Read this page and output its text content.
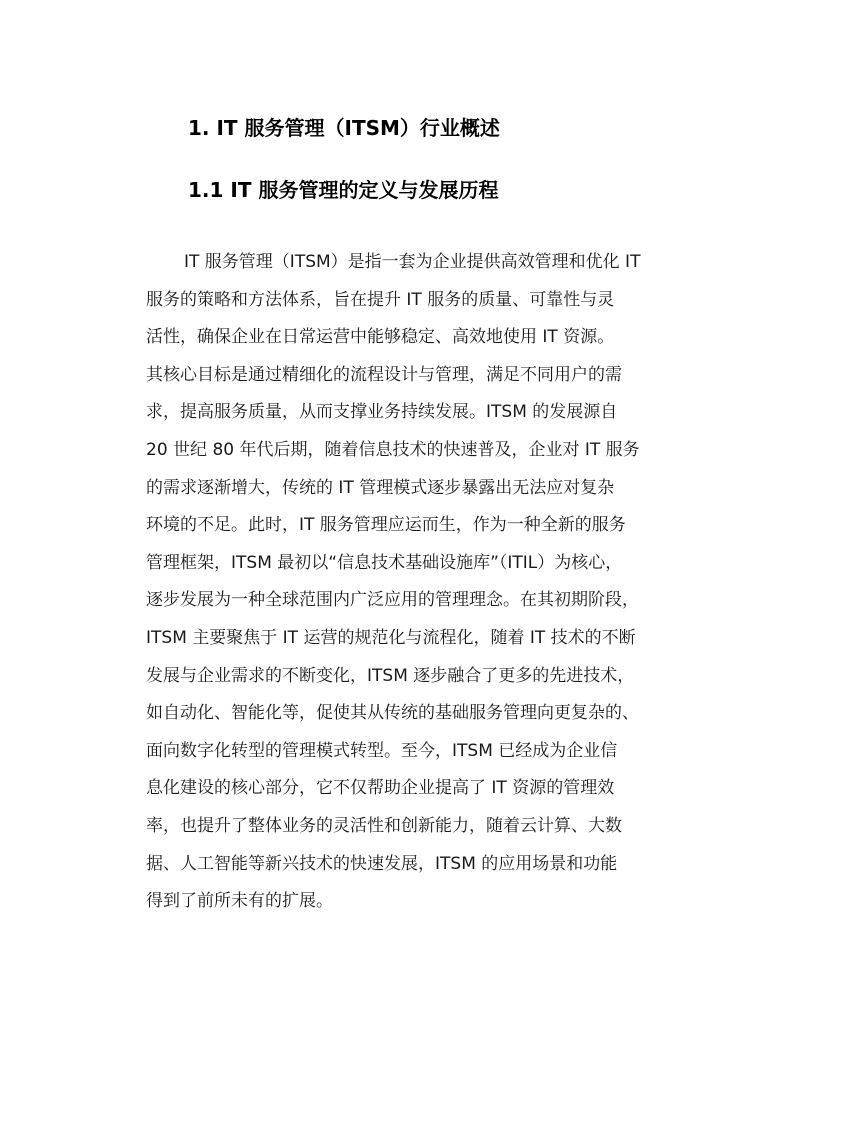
1. IT 服务管理（ITSM）行业概述
1.1 IT 服务管理的定义与发展历程
IT 服务管理（ITSM）是指一套为企业提供高效管理和优化 IT
服务的策略和方法体系，旨在提升 IT 服务的质量、可靠性与灵
活性，确保企业在日常运营中能够稳定、高效地使用 IT 资源。
其核心目标是通过精细化的流程设计与管理，满足不同用户的需
求，提高服务质量，从而支撑业务持续发展。ITSM 的发展源自
20 世纪 80 年代后期，随着信息技术的快速普及，企业对 IT 服务
的需求逐渐增大，传统的 IT 管理模式逐步暴露出无法应对复杂
环境的不足。此时，IT 服务管理应运而生，作为一种全新的服务
管理框架，ITSM 最初以“信息技术基础设施库”（ITIL）为核心，
逐步发展为一种全球范围内广泛应用的管理理念。在其初期阶段，
ITSM 主要聚焦于 IT 运营的规范化与流程化，随着 IT 技术的不断
发展与企业需求的不断变化，ITSM 逐步融合了更多的先进技术，
如自动化、智能化等，促使其从传统的基础服务管理向更复杂的、
面向数字化转型的管理模式转型。至今，ITSM 已经成为企业信
息化建设的核心部分，它不仅帮助企业提高了 IT 资源的管理效
率，也提升了整体业务的灵活性和创新能力，随着云计算、大数
据、人工智能等新兴技术的快速发展，ITSM 的应用场景和功能
得到了前所未有的扩展。
